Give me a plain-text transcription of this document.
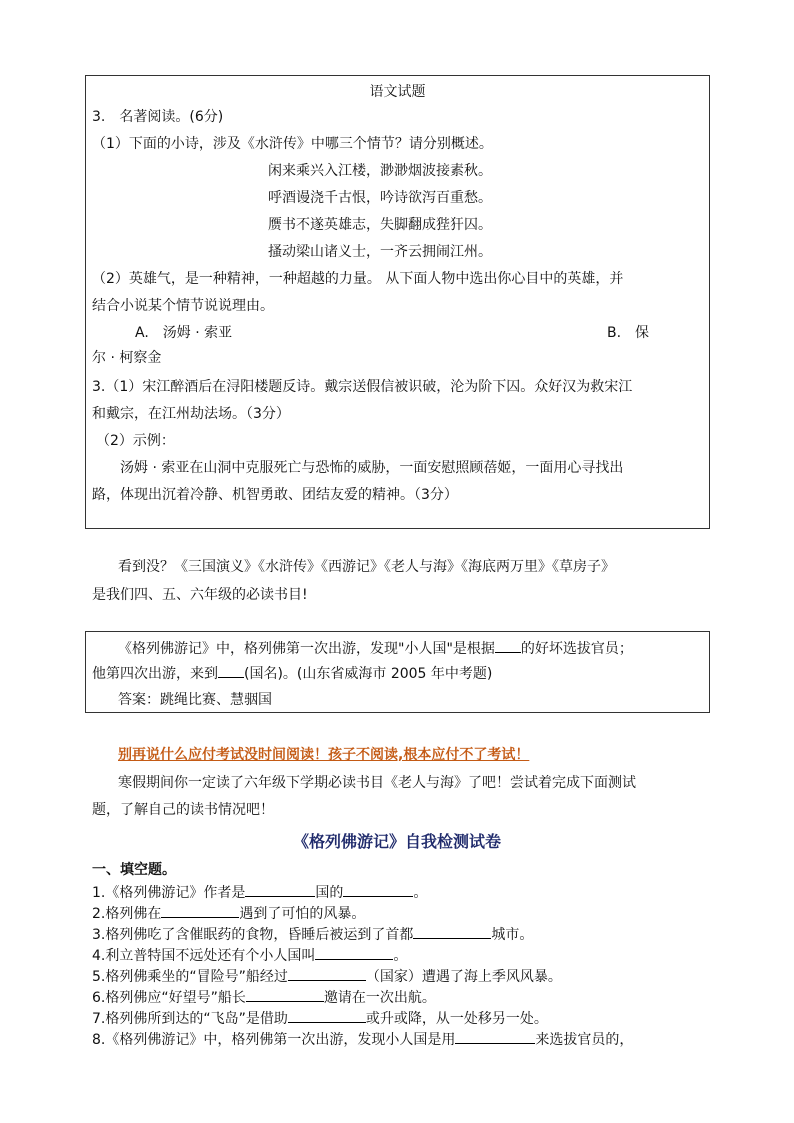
语文试题
3.　名著阅读。(6分)
（1）下面的小诗，涉及《水浒传》中哪三个情节？请分别概述。
闲来乘兴入江楼，渺渺烟波接素秋。
呼酒谩浇千古恨，吟诗欲泻百重愁。
赝书不遂英雄志，失脚翻成狴犴囚。
搔动梁山诸义士，一齐云拥闹江州。
（2）英雄气，是一种精神，一种超越的力量。 从下面人物中选出你心目中的英雄，并
结合小说某个情节说说理由。
A.　汤姆 · 索亚	B.　保
尔 · 柯察金
3.（1）宋江醉酒后在浔阳楼题反诗。戴宗送假信被识破，沦为阶下囚。众好汉为救宋江
和戴宗，在江州劫法场。（3分）
（2）示例：
汤姆 · 索亚在山洞中克服死亡与恐怖的威胁，一面安慰照顾蓓姬，一面用心寻找出
路，体现出沉着冷静、机智勇敢、团结友爱的精神。（3分）
看到没？《三国演义》《水浒传》《西游记》《老人与海》《海底两万里》《草房子》
是我们四、五、六年级的必读书目!
《格列佛游记》中，格列佛第一次出游，发现"小人国"是根据 的好坏选拔官员；
他第四次出游，来到 (国名)。(山东省威海市 2005 年中考题)
答案：跳绳比赛、慧骃国
别再说什么应付考试没时间阅读！孩子不阅读,根本应付不了考试！
寒假期间你一定读了六年级下学期必读书目《老人与海》了吧！尝试着完成下面测试
题，了解自己的读书情况吧！
《格列佛游记》自我检测试卷
一、填空题。
1.《格列佛游记》作者是	国的	。
2.格列佛在	遇到了可怕的风暴。
3.格列佛吃了含催眠药的食物，昏睡后被运到了首都	城市。
4.利立普特国不远处还有个小人国叫	。
5.格列佛乘坐的“冒险号”船经过	（国家）遭遇了海上季风风暴。
6.格列佛应“好望号”船长	邀请在一次出航。
7.格列佛所到达的“飞岛”是借助	或升或降，从一处移另一处。
8.《格列佛游记》中，格列佛第一次出游，发现小人国是用	来选拔官员的，
